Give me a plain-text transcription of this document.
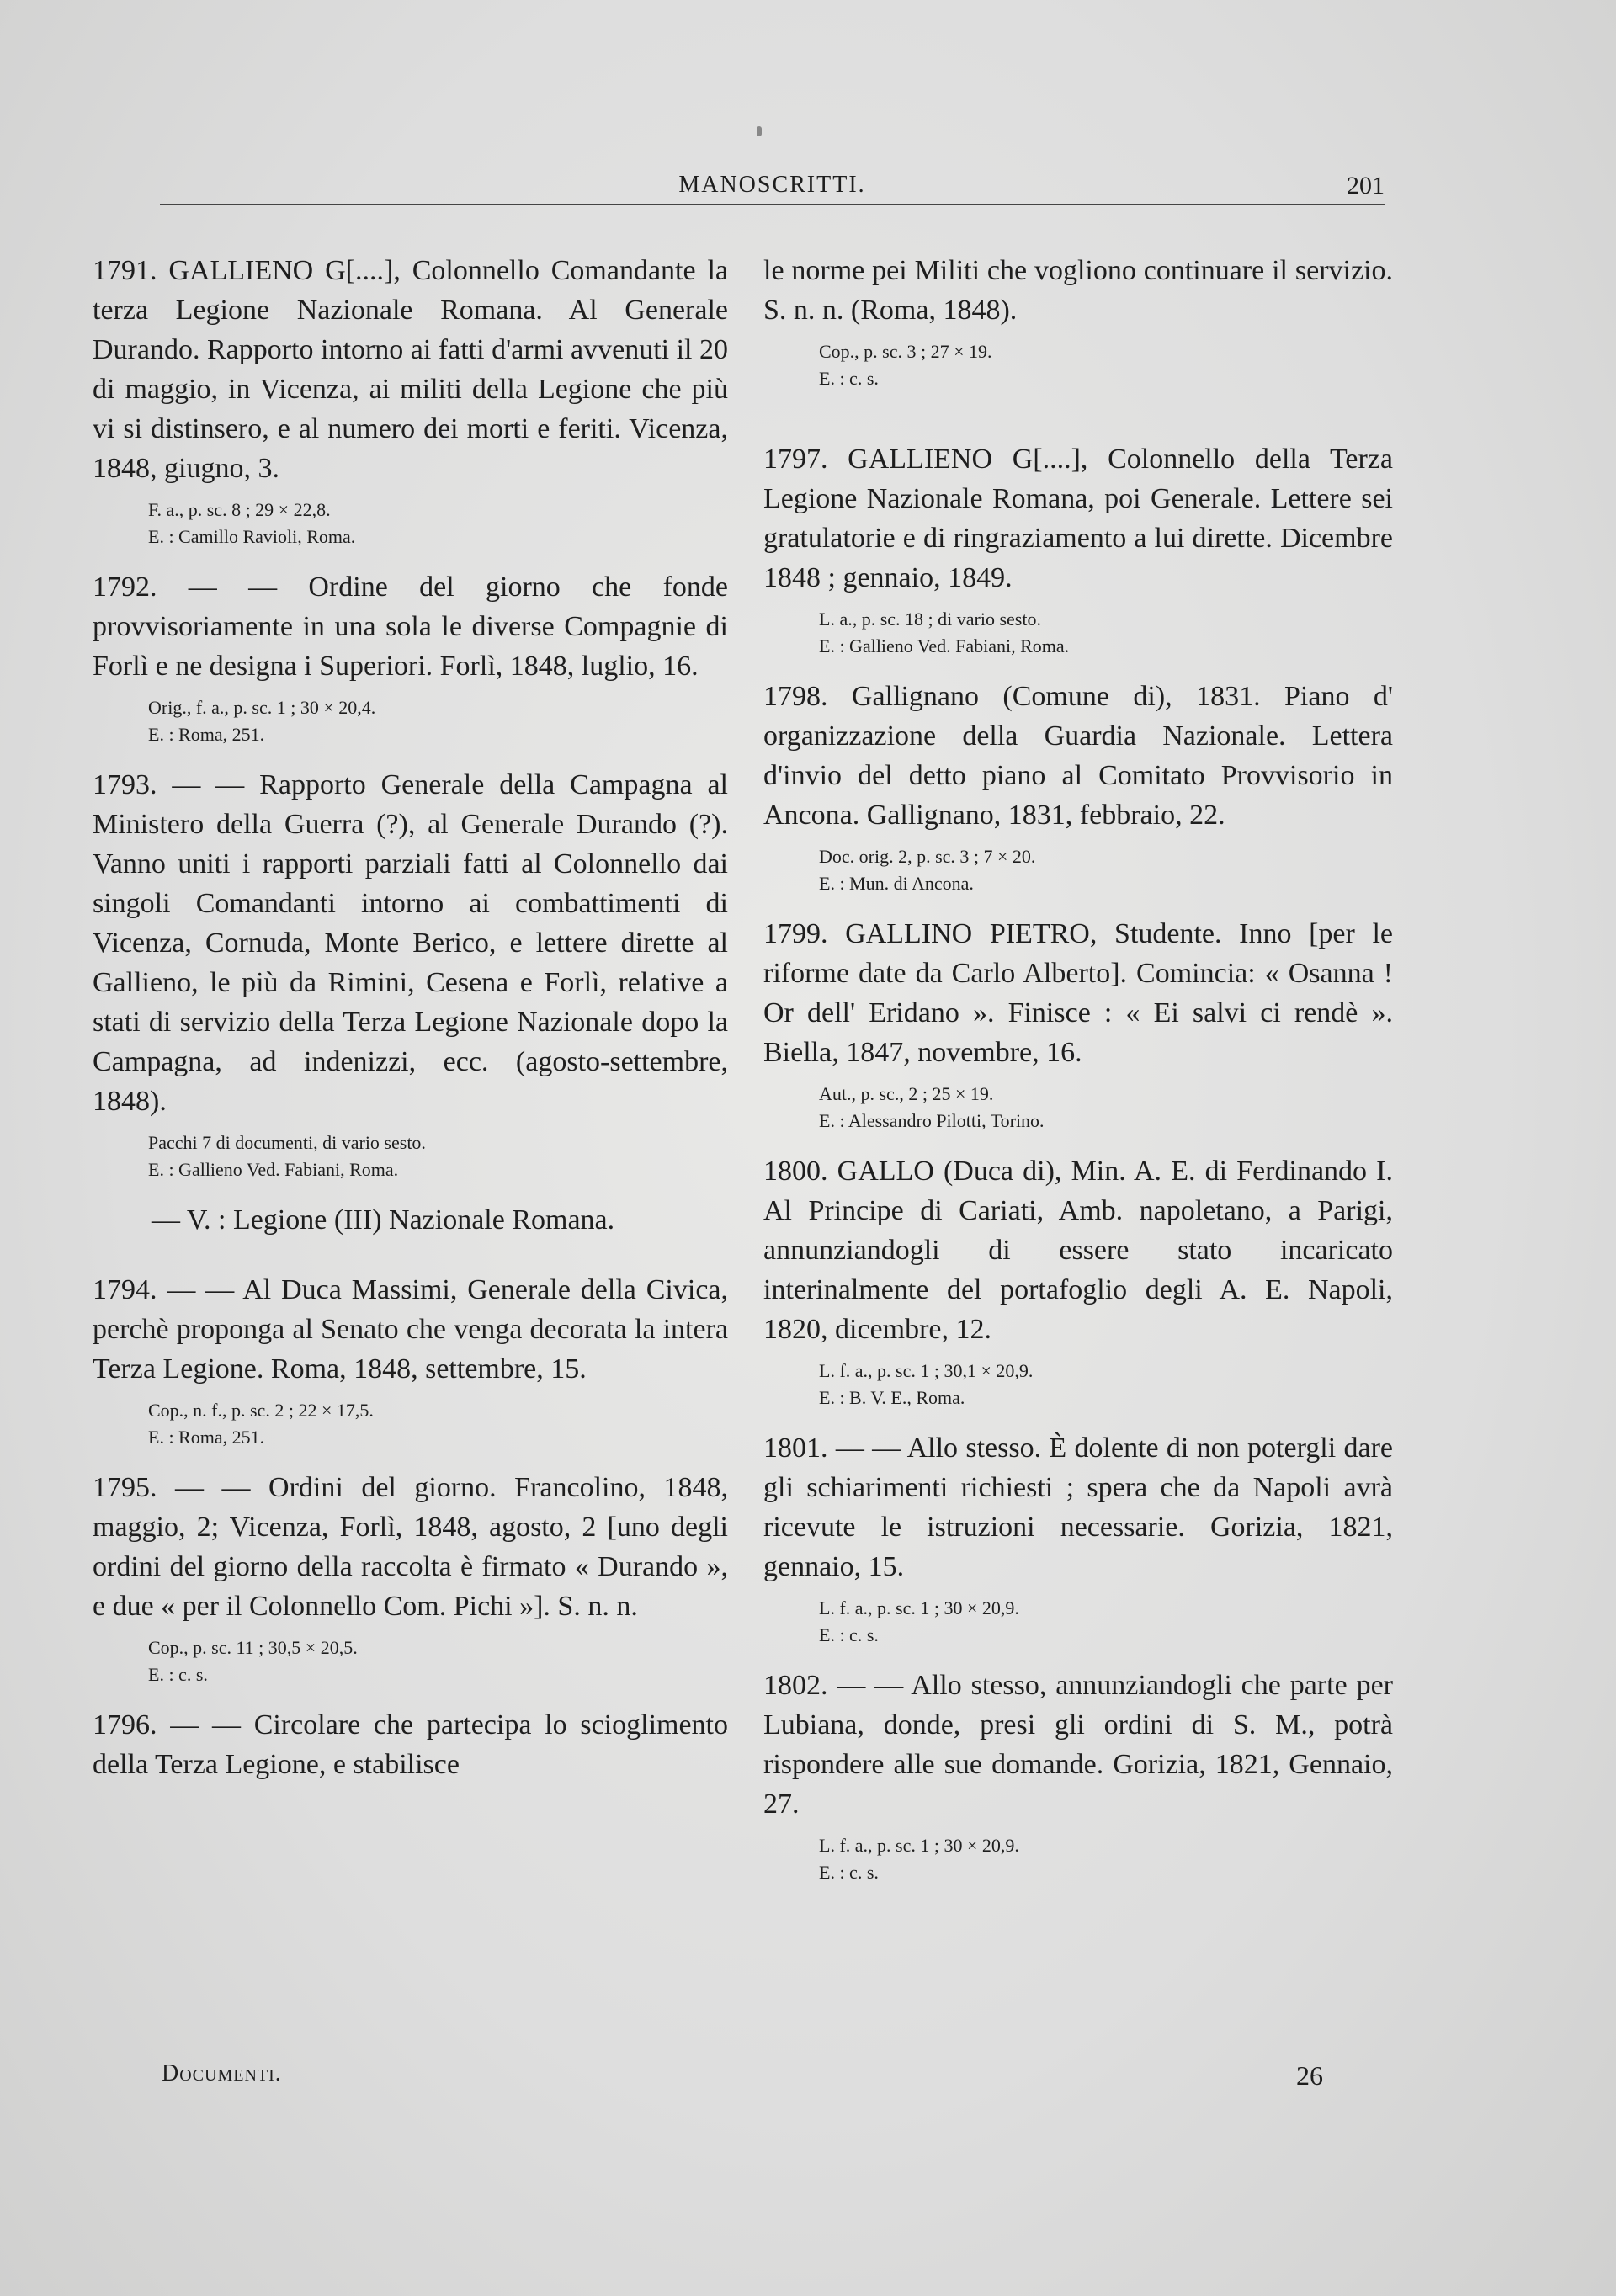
MANOSCRITTI.	201

1791. GALLIENO G[....], Colonnello Comandante la terza Legione Nazionale Romana. Al Generale Durando. Rapporto intorno ai fatti d'armi avvenuti il 20 di maggio, in Vicenza, ai militi della Legione che più vi si distinsero, e al numero dei morti e feriti. Vicenza, 1848, giugno, 3.

F. a., p. sc. 8 ; 29 × 22,8.

E. : Camillo Ravioli, Roma.

1792. — — Ordine del giorno che fonde provvisoriamente in una sola le diverse Compagnie di Forlì e ne designa i Superiori. Forlì, 1848, luglio, 16.

Orig., f. a., p. sc. 1 ; 30 × 20,4.

E. : Roma, 251.

1793. — — Rapporto Generale della Campagna al Ministero della Guerra (?), al Generale Durando (?). Vanno uniti i rapporti parziali fatti al Colonnello dai singoli Comandanti intorno ai combattimenti di Vicenza, Cornuda, Monte Berico, e lettere dirette al Gallieno, le più da Rimini, Cesena e Forlì, relative a stati di servizio della Terza Legione Nazionale dopo la Campagna, ad indenizzi, ecc. (agosto-settembre, 1848).

Pacchi 7 di documenti, di vario sesto.

E. : Gallieno Ved. Fabiani, Roma.

— V. : Legione (III) Nazionale Romana.

1794. — — Al Duca Massimi, Generale della Civica, perchè proponga al Senato che venga decorata la intera Terza Legione. Roma, 1848, settembre, 15.

Cop., n. f., p. sc. 2 ; 22 × 17,5.

E. : Roma, 251.

1795. — — Ordini del giorno. Francolino, 1848, maggio, 2; Vicenza, Forlì, 1848, agosto, 2 [uno degli ordini del giorno della raccolta è firmato « Durando », e due « per il Colonnello Com. Pichi »]. S. n. n.

Cop., p. sc. 11 ; 30,5 × 20,5.

E. : c. s.

1796. — — Circolare che partecipa lo scioglimento della Terza Legione, e stabilisce

le norme pei Militi che vogliono continuare il servizio. S. n. n. (Roma, 1848).

Cop., p. sc. 3 ; 27 × 19.

E. : c. s.

1797. GALLIENO G[....], Colonnello della Terza Legione Nazionale Romana, poi Generale. Lettere sei gratulatorie e di ringraziamento a lui dirette. Dicembre 1848 ; gennaio, 1849.

L. a., p. sc. 18 ; di vario sesto.

E. : Gallieno Ved. Fabiani, Roma.

1798. Gallignano (Comune di), 1831. Piano d' organizzazione della Guardia Nazionale. Lettera d'invio del detto piano al Comitato Provvisorio in Ancona. Gallignano, 1831, febbraio, 22.

Doc. orig. 2, p. sc. 3 ; 7 × 20.

E. : Mun. di Ancona.

1799. GALLINO PIETRO, Studente. Inno [per le riforme date da Carlo Alberto]. Comincia: « Osanna ! Or dell' Eridano ». Finisce : « Ei salvi ci rendè ». Biella, 1847, novembre, 16.

Aut., p. sc., 2 ; 25 × 19.

E. : Alessandro Pilotti, Torino.

1800. GALLO (Duca di), Min. A. E. di Ferdinando I. Al Principe di Cariati, Amb. napoletano, a Parigi, annunziandogli di essere stato incaricato interinalmente del portafoglio degli A. E. Napoli, 1820, dicembre, 12.

L. f. a., p. sc. 1 ; 30,1 × 20,9.

E. : B. V. E., Roma.

1801. — — Allo stesso. È dolente di non potergli dare gli schiarimenti richiesti ; spera che da Napoli avrà ricevute le istruzioni necessarie. Gorizia, 1821, gennaio, 15.

L. f. a., p. sc. 1 ; 30 × 20,9.

E. : c. s.

1802. — — Allo stesso, annunziandogli che parte per Lubiana, donde, presi gli ordini di S. M., potrà rispondere alle sue domande. Gorizia, 1821, Gennaio, 27.

L. f. a., p. sc. 1 ; 30 × 20,9.

E. : c. s.

Documenti.	26
